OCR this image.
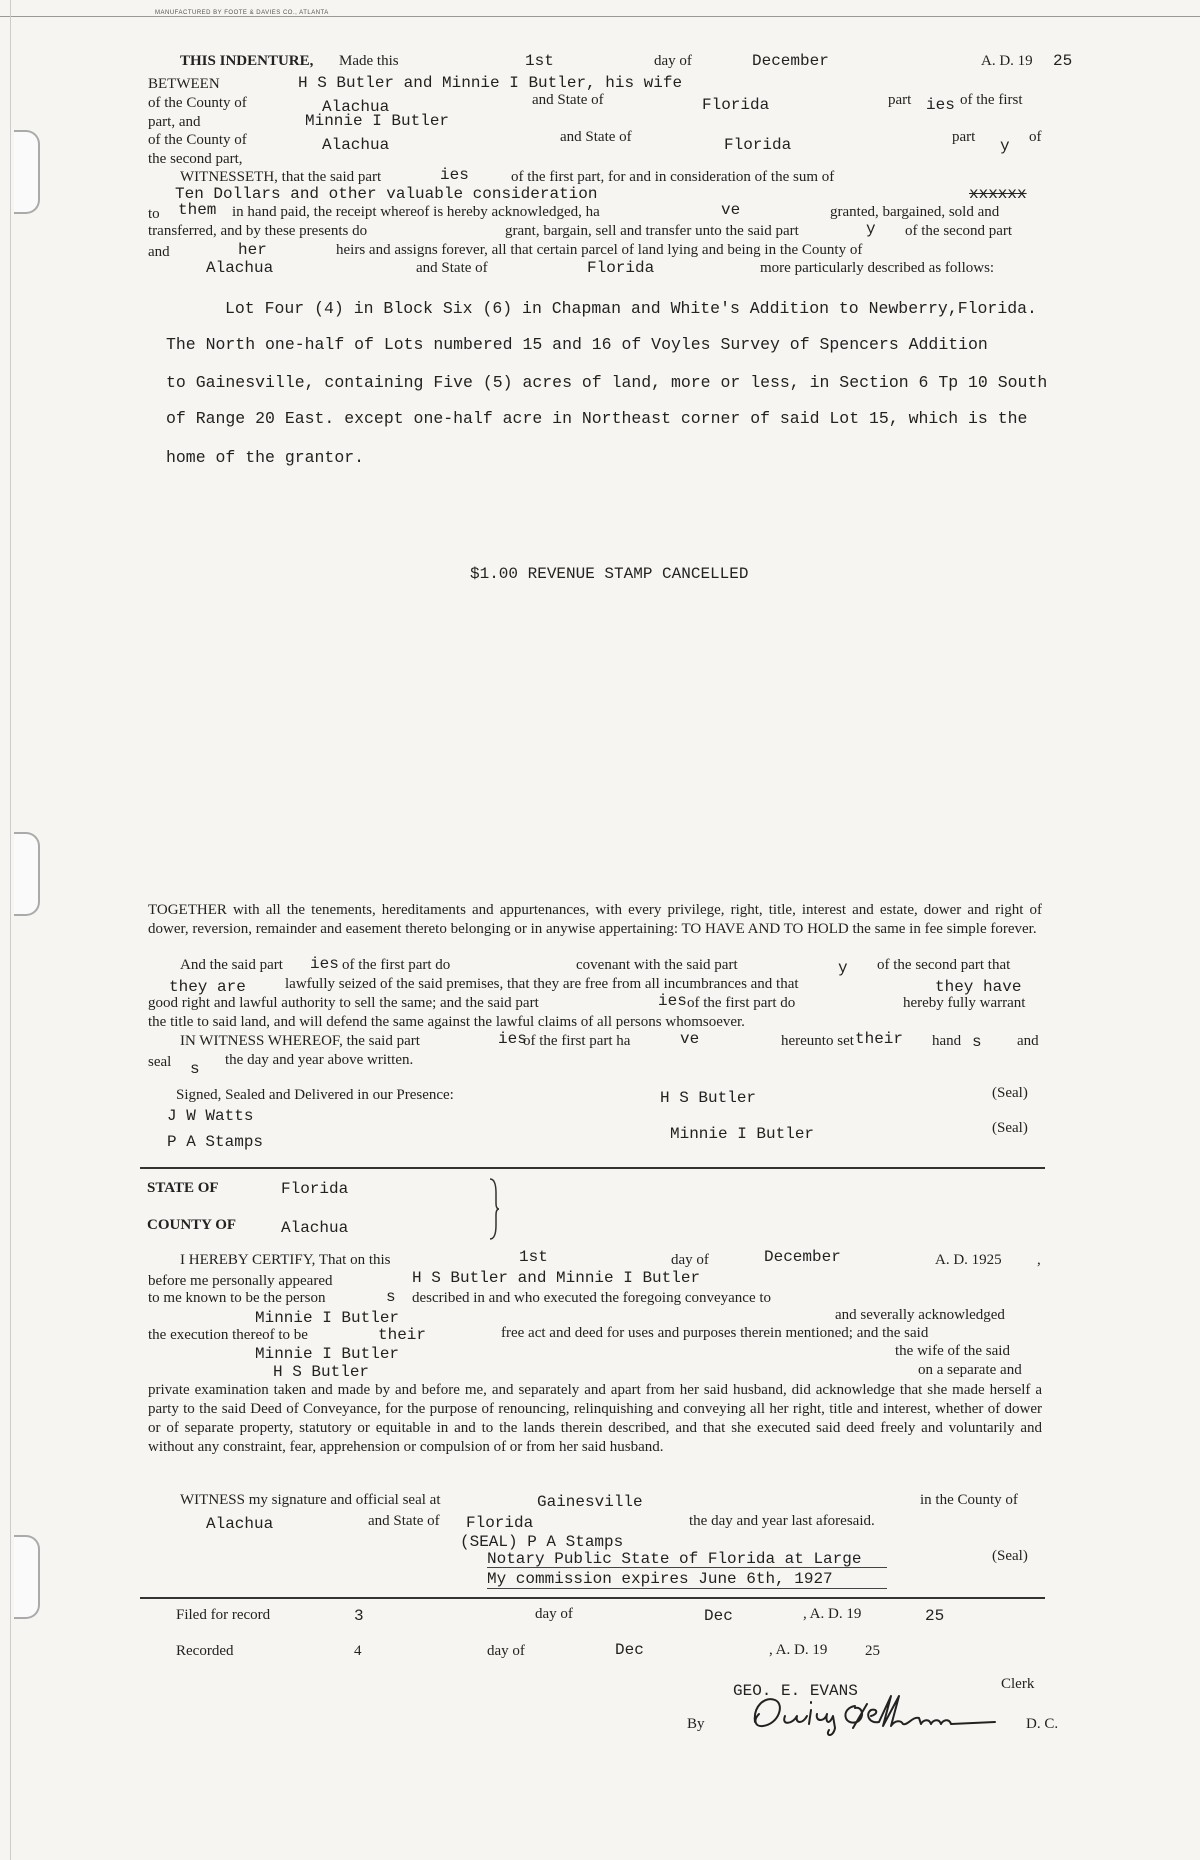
MANUFACTURED BY FOOTE & DAVIES CO., ATLANTA
THIS INDENTURE, Made this	1st	day of	December	A. D. 19 25
BETWEEN	H S Butler and Minnie I Butler, his wife
of the County of	Alachua	and State of	Florida	part ies of the first
part, and	Minnie I Butler
of the County of	Alachua	and State of	Florida	part y of
the second part,
WITNESSETH, that the said part	ies	of the first part, for and in consideration of the sum of
Ten Dollars and other valuable consideration	xxxxxx
to them in hand paid, the receipt whereof is hereby acknowledged, ha	ve	granted, bargained, sold and
transferred, and by these presents do	grant, bargain, sell and transfer unto the said part	y of the second part
and	her	heirs and assigns forever, all that certain parcel of land lying and being in the County of
Alachua	and State of	Florida	more particularly described as follows:
Lot Four (4) in Block Six (6) in Chapman and White's Addition to Newberry,Florida.
The North one-half of Lots numbered 15 and 16 of Voyles Survey of Spencers Addition
to Gainesville, containing Five (5) acres of land, more or less, in Section 6 Tp 10 South
of Range 20 East. except one-half acre in Northeast corner of said Lot 15, which is the
home of the grantor.
$1.00 REVENUE STAMP CANCELLED
TOGETHER with all the tenements, hereditaments and appurtenances, with every privilege, right, title, interest and estate, dower and right of dower, reversion, remainder and easement thereto belonging or in anywise appertaining: TO HAVE AND TO HOLD the same in fee simple forever.
And the said part ies of the first part do	covenant with the said part	y of the second part that
they are	lawfully seized of the said premises, that they are free from all incumbrances and that	they have
good right and lawful authority to sell the same; and the said part	ies of the first part do	hereby fully warrant
the title to said land, and will defend the same against the lawful claims of all persons whomsoever.
IN WITNESS WHEREOF, the said part	ies
of the first part ha	ve	hereunto set their hand s and
seal s the day and year above written.
Signed, Sealed and Delivered in our Presence:
J W Watts
P A Stamps
H S Butler
Minnie I Butler
(Seal)
(Seal)
STATE OF	Florida
COUNTY OF	Alachua
I HEREBY CERTIFY, That on this	1st	day of	December	A. D. 1925 ,
before me personally appeared	H S Butler and Minnie I Butler
to me known to be the person	s described in and who executed the foregoing conveyance to
Minnie I Butler	and severally acknowledged
the execution thereof to be	their	free act and deed for uses and purposes therein mentioned; and the said
Minnie I Butler	the wife of the said
H S Butler	on a separate and
private examination taken and made by and before me, and separately and apart from her said husband, did acknowledge that she made herself a party to the said Deed of Conveyance, for the purpose of renouncing, relinquishing and conveying all her right, title and interest, whether of dower or of separate property, statutory or equitable in and to the lands therein described, and that she executed said deed freely and voluntarily and without any constraint, fear, apprehension or compulsion of or from her said husband.
WITNESS my signature and official seal at	Gainesville	in the County of
Alachua	and State of Florida	the day and year last aforesaid.
(SEAL) P A Stamps
Notary Public State of Florida at Large
My commission expires June 6th, 1927
(Seal)
Filed for record	3	day of	Dec	, A. D. 19	25
Recorded	4	day of	Dec	, A. D. 19	25
GEO. E. EVANS	Clerk
By	D. C.
